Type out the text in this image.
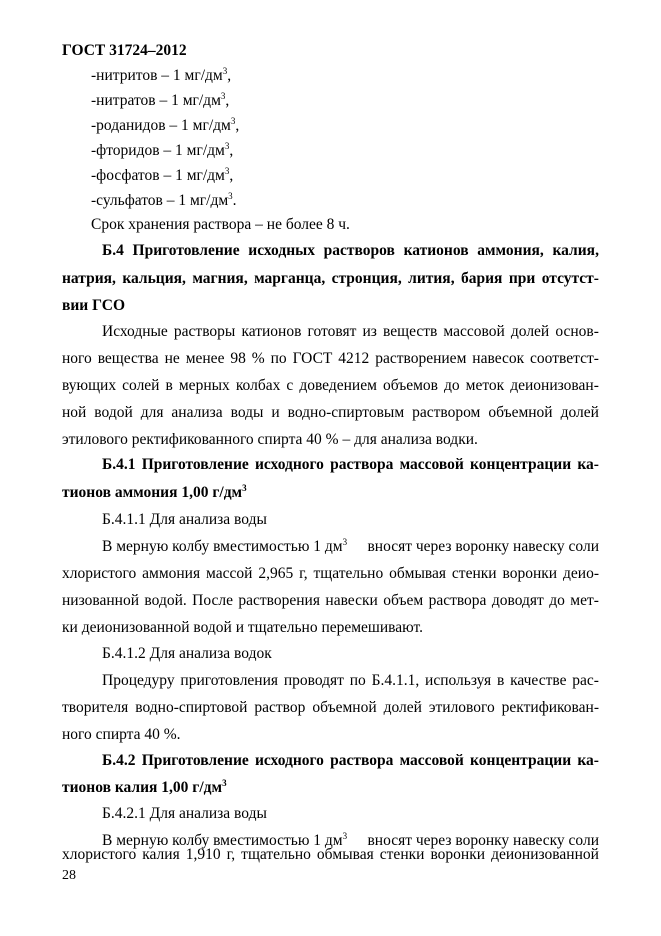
ГОСТ 31724–2012
-нитритов – 1 $мг/дм^3$,
-нитратов – 1 $мг/дм^3$,
-роданидов – 1 $мг/дм^3$,
-фторидов – 1 $мг/дм^3$,
-фосфатов – 1 $мг/дм^3$,
-сульфатов – 1 $мг/дм^3$.
Срок хранения раствора – не более 8 ч.
Б.4 Приготовление исходных растворов катионов аммония, калия,
натрия, кальция, магния, марганца, стронция, лития, бария при отсутст-
вии ГСО
Исходные растворы катионов готовят из веществ массовой долей основ-
ного вещества не менее 98 % по ГОСТ 4212 растворением навесок соответст-
вующих солей в мерных колбах с доведением объемов до меток деионизован-
ной водой для анализа воды и водно-спиртовым раствором объемной долей
этилового ректификованного спирта 40 % – для анализа водки.
Б.4.1 Приготовление исходного раствора массовой концентрации ка-
тионов аммония 1,00 $г/дм^3$
Б.4.1.1 Для анализа воды
В мерную колбу вместимостью 1 $дм^3$ вносят через воронку навеску соли
хлористого аммония массой 2,965 г, тщательно обмывая стенки воронки деио-
низованной водой. После растворения навески объем раствора доводят до мет-
ки деионизованной водой и тщательно перемешивают.
Б.4.1.2 Для анализа водок
Процедуру приготовления проводят по Б.4.1.1, используя в качестве рас-
творителя водно-спиртовой раствор объемной долей этилового ректификован-
ного спирта 40 %.
Б.4.2 Приготовление исходного раствора массовой концентрации ка-
тионов калия 1,00 $г/дм^3$
Б.4.2.1 Для анализа воды
В мерную колбу вместимостью 1 $дм^3$ вносят через воронку навеску соли
хлористого калия 1,910 г, тщательно обмывая стенки воронки деионизованной
28
